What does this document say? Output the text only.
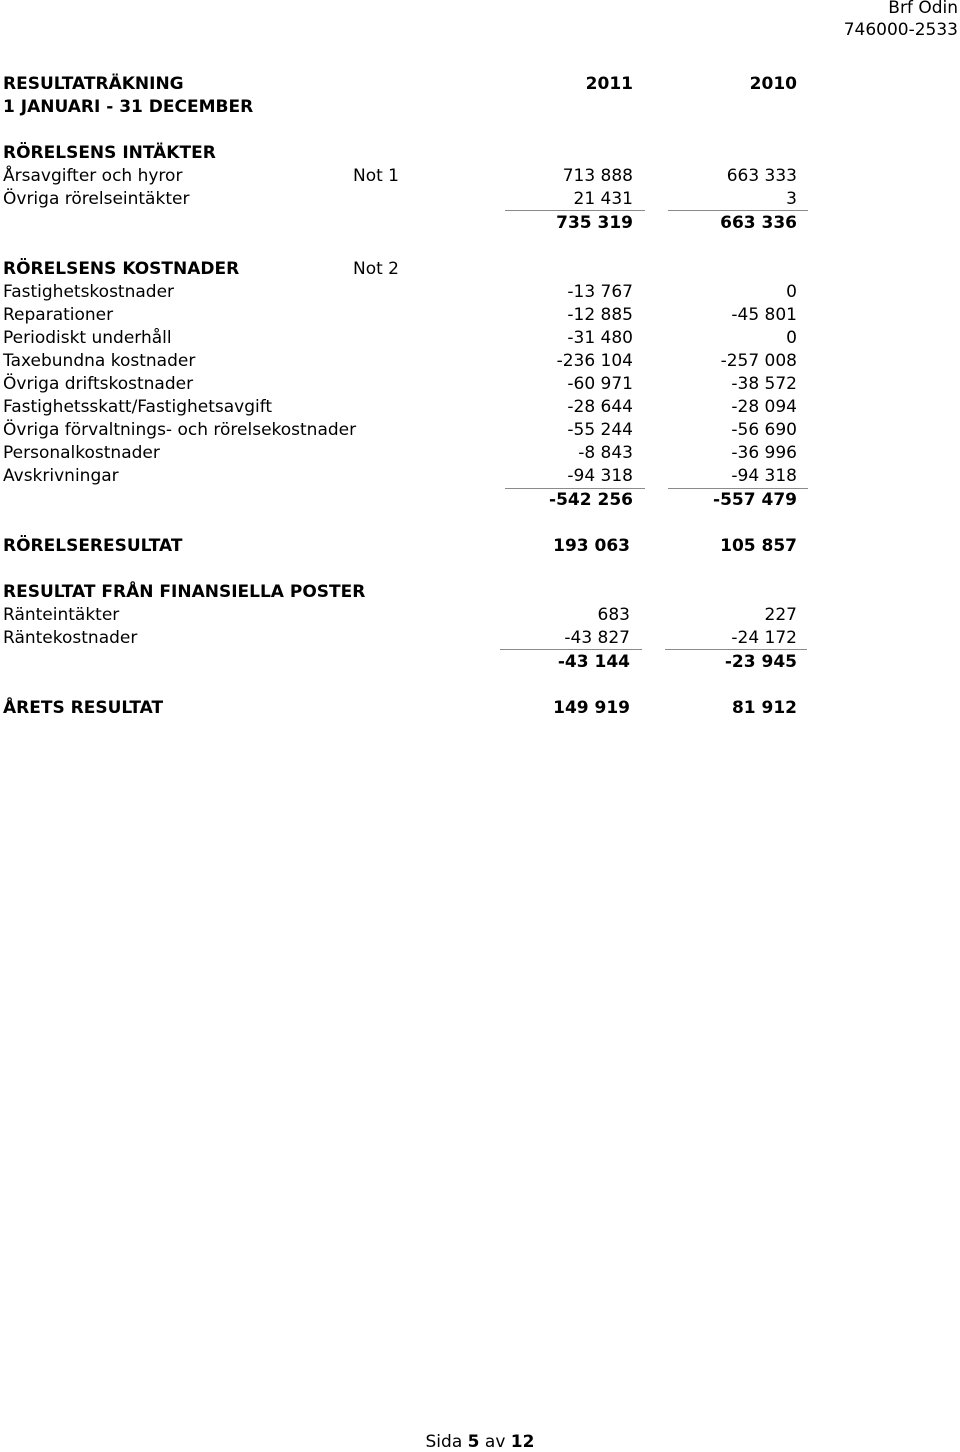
Brf Odin
746000-2533
RESULTATRÄKNING	2011	2010
1 JANUARI - 31 DECEMBER
RÖRELSENS INTÄKTER
Årsavgifter och hyror	Not 1	713 888	663 333
Övriga rörelseintäkter	21 431	3
735 319	663 336
RÖRELSENS KOSTNADER	Not 2
Fastighetskostnader	-13 767	0
Reparationer	-12 885	-45 801
Periodiskt underhåll	-31 480	0
Taxebundna kostnader	-236 104	-257 008
Övriga driftskostnader	-60 971	-38 572
Fastighetsskatt/Fastighetsavgift	-28 644	-28 094
Övriga förvaltnings- och rörelsekostnader	-55 244	-56 690
Personalkostnader	-8 843	-36 996
Avskrivningar	-94 318	-94 318
-542 256	-557 479
RÖRELSERESULTAT	193 063	105 857
RESULTAT FRÅN FINANSIELLA POSTER
Ränteintäkter	683	227
Räntekostnader	-43 827	-24 172
-43 144	-23 945
ÅRETS RESULTAT	149 919	81 912
Sida 5 av 12
